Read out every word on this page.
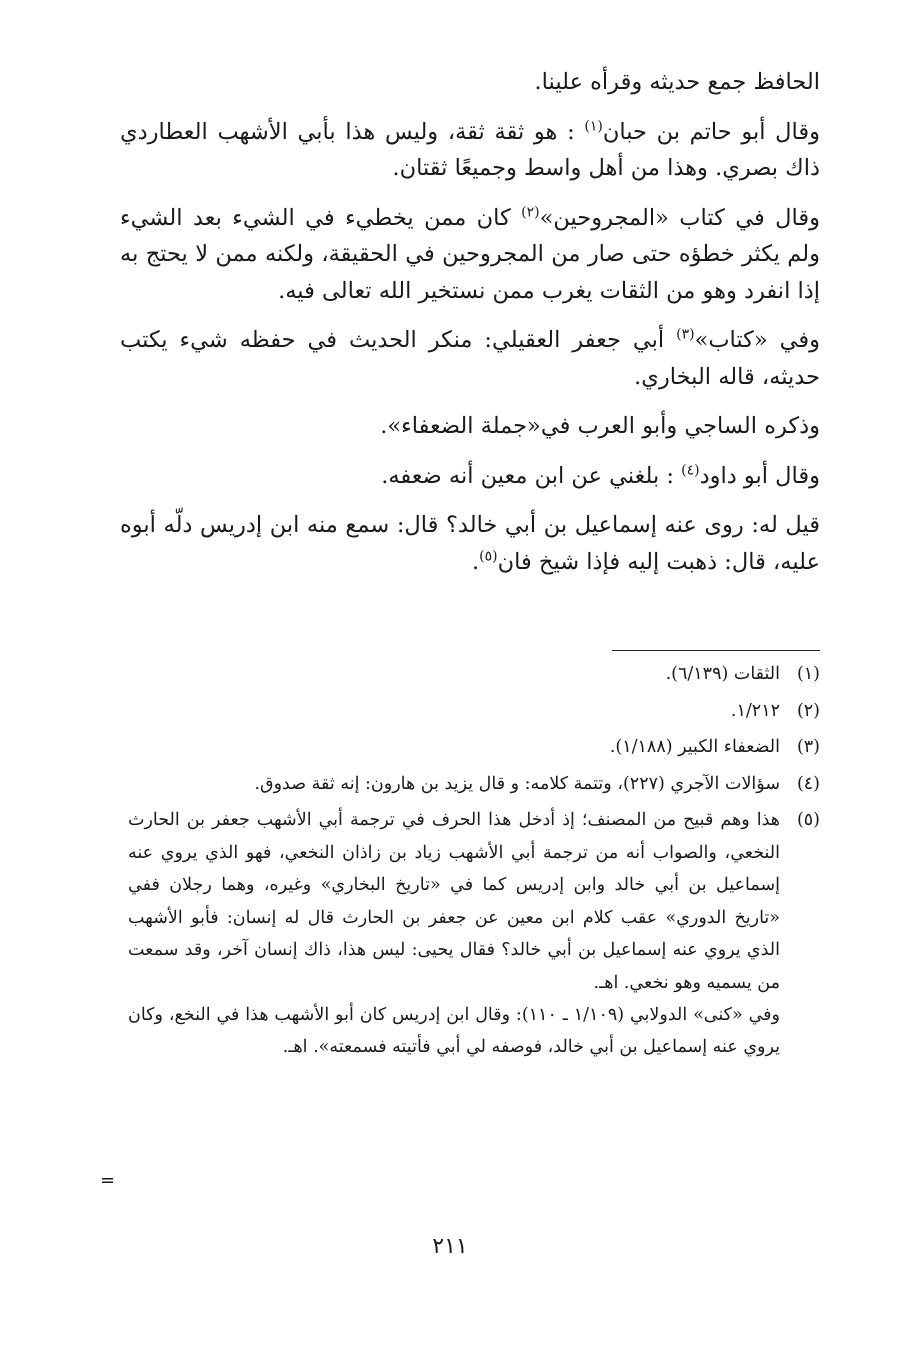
الحافظ جمع حديثه وقرأه علينا.

وقال أبو حاتم بن حبان$^{(١)}$ : هو ثقة ثقة، وليس هذا بأبي الأشهب العطاردي ذاك بصري. وهذا من أهل واسط وجميعًا ثقتان.

وقال في كتاب «المجروحين»$^{(٢)}$ كان ممن يخطيء في الشيء بعد الشيء ولم يكثر خطؤه حتى صار من المجروحين في الحقيقة، ولكنه ممن لا يحتج به إذا انفرد وهو من الثقات يغرب ممن نستخير الله تعالى فيه.

وفي «كتاب»$^{(٣)}$ أبي جعفر العقيلي: منكر الحديث في حفظه شيء يكتب حديثه، قاله البخاري.

وذكره الساجي وأبو العرب في«جملة الضعفاء».

وقال أبو داود$^{(٤)}$ : بلغني عن ابن معين أنه ضعفه.

قيل له: روى عنه إسماعيل بن أبي خالد؟ قال: سمع منه ابن إدريس دلّه أبوه عليه، قال: ذهبت إليه فإذا شيخ فان$^{(٥)}$.

(١)
الثقات (٦/١٣٩).
(٢)
١/٢١٢.
(٣)
الضعفاء الكبير (١/١٨٨).
(٤)
سؤالات الآجري (٢٢٧)، وتتمة كلامه: و قال يزيد بن هارون: إنه ثقة صدوق.
(٥)
هذا وهم قبيح من المصنف؛ إذ أدخل هذا الحرف في ترجمة أبي الأشهب جعفر بن الحارث النخعي، والصواب أنه من ترجمة أبي الأشهب زياد بن زاذان النخعي، فهو الذي يروي عنه إسماعيل بن أبي خالد وابن إدريس كما في «تاريخ البخاري» وغيره، وهما رجلان ففي «تاريخ الدوري» عقب كلام ابن معين عن جعفر بن الحارث قال له إنسان: فأبو الأشهب الذي يروي عنه إسماعيل بن أبي خالد؟ فقال يحيى: ليس هذا، ذاك إنسان آخر، وقد سمعت من يسميه وهو نخعي. اهـ.

وفي «كنى» الدولابي (١/١٠٩ ـ ١١٠): وقال ابن إدريس كان أبو الأشهب هذا في النخع، وكان يروي عنه إسماعيل بن أبي خالد، فوصفه لي أبي فأتيته فسمعته». اهـ.

=
٢١١
